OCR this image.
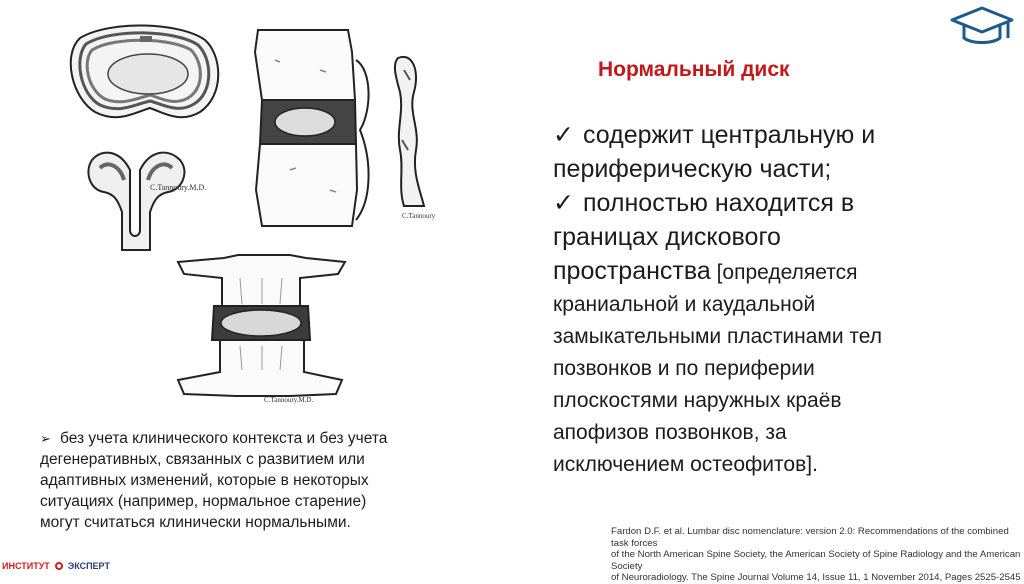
C.Tannoury.M.D.
C.Tannoury
C.Tannoury.M.D.
Нормальный диск
✓ содержит центральную и
периферическую части;
✓ полностью находится в
границах дискового
пространства [определяется
краниальной и каудальной
замыкательными пластинами тел
позвонков и по периферии
плоскостями наружных краёв
апофизов позвонков, за
исключением остеофитов].
➢ без учета клинического контекста и без учета
дегенеративных, связанных с развитием или
адаптивных изменений, которые в некоторых
ситуациях (например, нормальное старение)
могут считаться клинически нормальными.
Fardon D.F. et al. Lumbar disc nomenclature: version 2.0: Recommendations of the combined task forces
of the North American Spine Society, the American Society of Spine Radiology and the American Society
of Neuroradiology. The Spine Journal Volume 14, Issue 11, 1 November 2014, Pages 2525-2545
ИНСТИТУТ ЭКСПЕРТ
